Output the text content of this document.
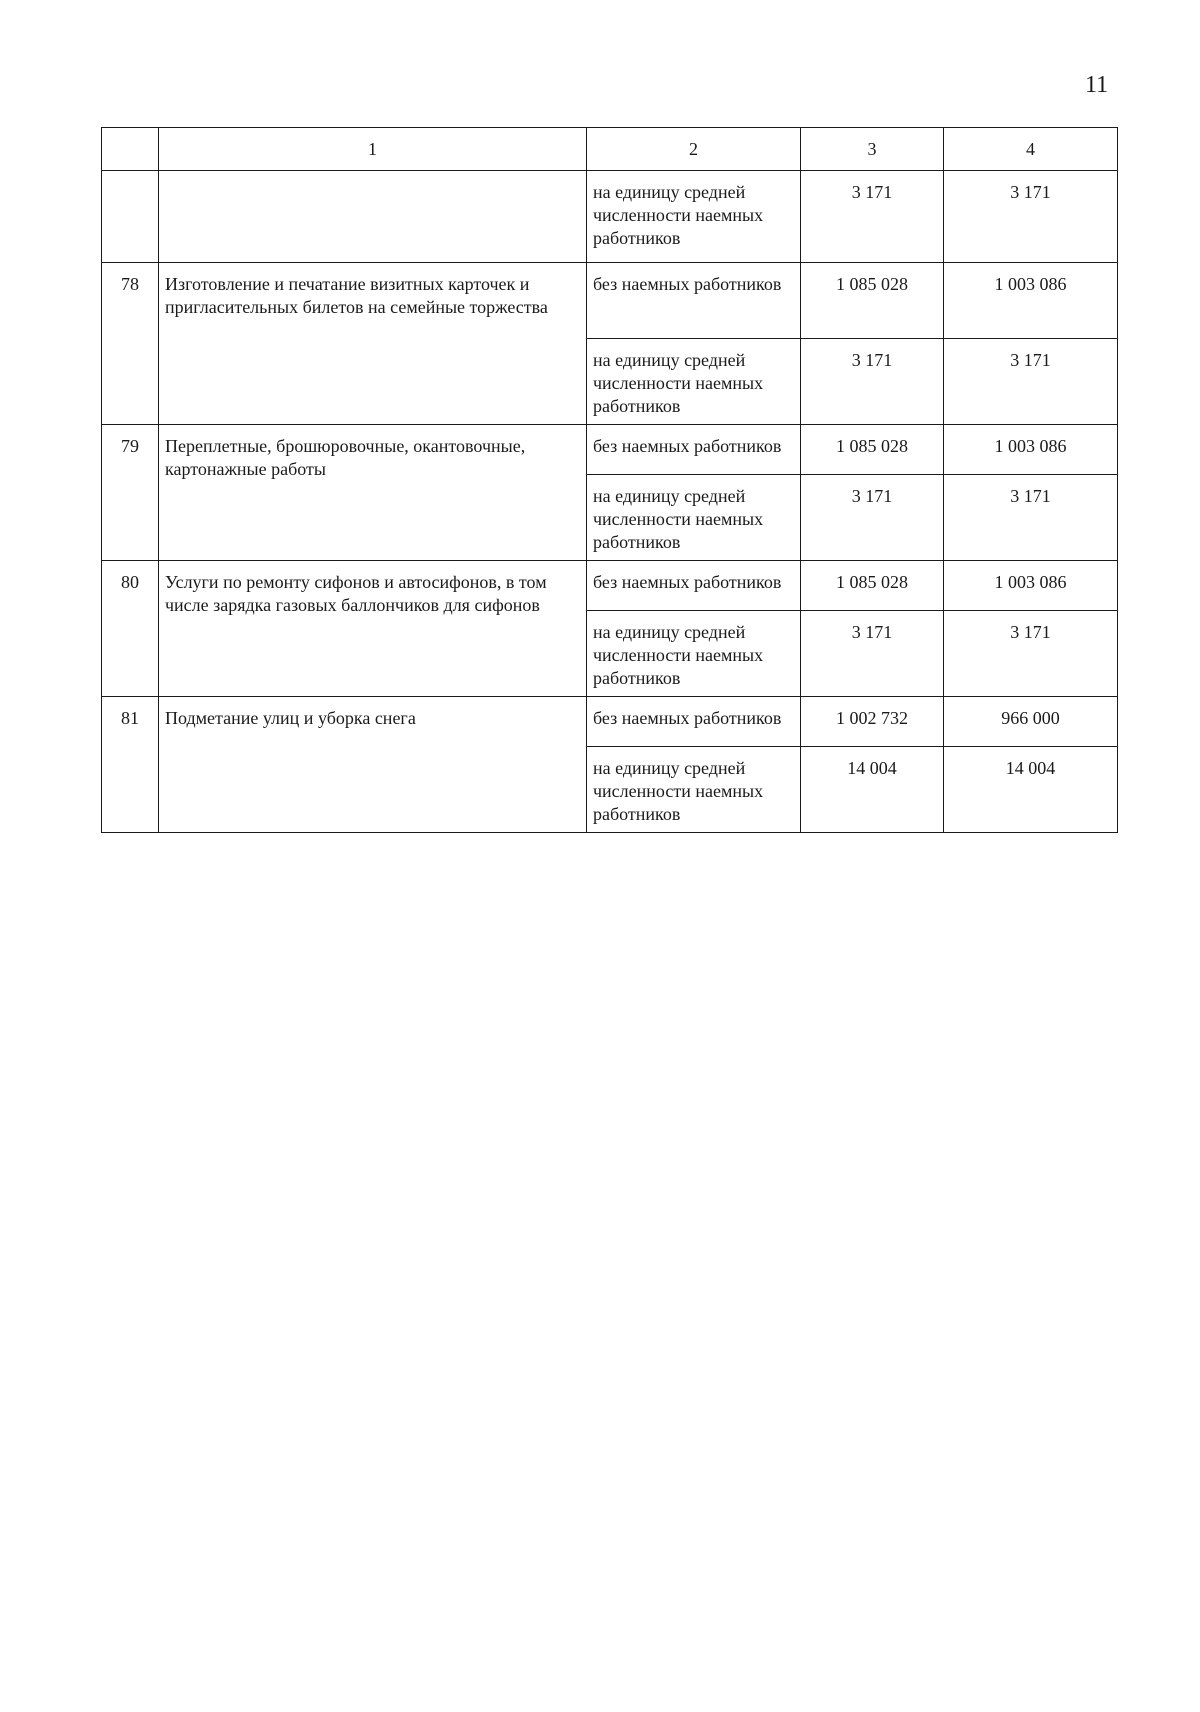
11
	1	2	3	4
		на единицу средней численности наемных работников	3 171	3 171
78	Изготовление и печатание визитных карточек и пригласительных билетов на семейные торжества	без наемных работников	1 085 028	1 003 086
		на единицу средней численности наемных работников	3 171	3 171
79	Переплетные, брошюровочные, окантовочные, картонажные работы	без наемных работников	1 085 028	1 003 086
		на единицу средней численности наемных работников	3 171	3 171
80	Услуги по ремонту сифонов и автосифонов, в том числе зарядка газовых баллончиков для сифонов	без наемных работников	1 085 028	1 003 086
		на единицу средней численности наемных работников	3 171	3 171
81	Подметание улиц и уборка снега	без наемных работников	1 002 732	966 000
		на единицу средней численности наемных работников	14 004	14 004
